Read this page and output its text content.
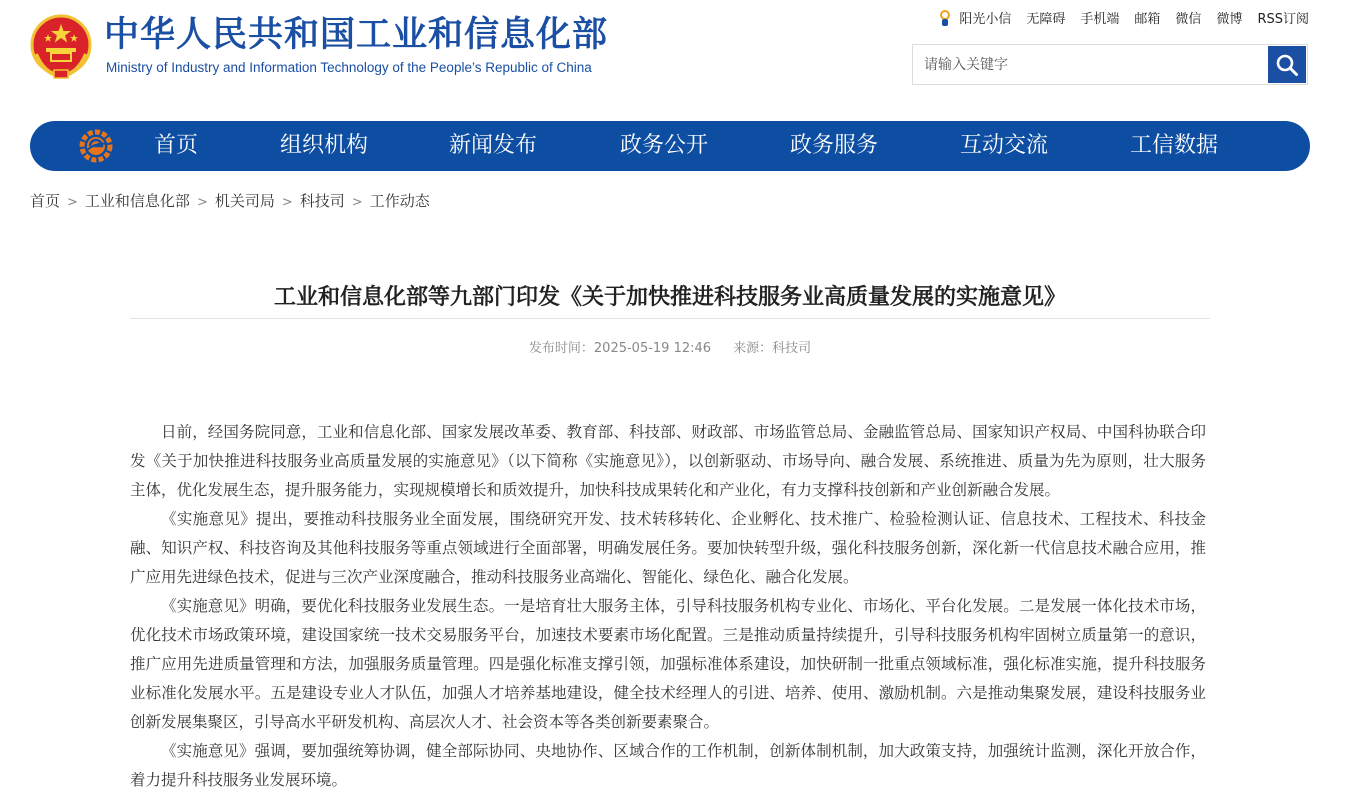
中华人民共和国工业和信息化部
Ministry of Industry and Information Technology of the People’s Republic of China
阳光小信 无障碍 手机端 邮箱 微信 微博 RSS订阅
请输入关键字
首页	组织机构	新闻发布	政务公开	政务服务	互动交流	工信数据
首页 > 工业和信息化部 > 机关司局 > 科技司 > 工作动态
工业和信息化部等九部门印发《关于加快推进科技服务业高质量发展的实施意见》
发布时间：2025-05-19 12:46 来源：科技司

日前，经国务院同意，工业和信息化部、国家发展改革委、教育部、科技部、财政部、市场监管总局、金融监管总局、国家知识产权局、中国科协联合印发《关于加快推进科技服务业高质量发展的实施意见》（以下简称《实施意见》），以创新驱动、市场导向、融合发展、系统推进、质量为先为原则，壮大服务主体，优化发展生态，提升服务能力，实现规模增长和质效提升，加快科技成果转化和产业化，有力支撑科技创新和产业创新融合发展。

《实施意见》提出，要推动科技服务业全面发展，围绕研究开发、技术转移转化、企业孵化、技术推广、检验检测认证、信息技术、工程技术、科技金融、知识产权、科技咨询及其他科技服务等重点领域进行全面部署，明确发展任务。要加快转型升级，强化科技服务创新，深化新一代信息技术融合应用，推广应用先进绿色技术，促进与三次产业深度融合，推动科技服务业高端化、智能化、绿色化、融合化发展。

《实施意见》明确，要优化科技服务业发展生态。一是培育壮大服务主体，引导科技服务机构专业化、市场化、平台化发展。二是发展一体化技术市场，优化技术市场政策环境，建设国家统一技术交易服务平台，加速技术要素市场化配置。三是推动质量持续提升，引导科技服务机构牢固树立质量第一的意识，推广应用先进质量管理和方法，加强服务质量管理。四是强化标准支撑引领，加强标准体系建设，加快研制一批重点领域标准，强化标准实施，提升科技服务业标准化发展水平。五是建设专业人才队伍，加强人才培养基地建设，健全技术经理人的引进、培养、使用、激励机制。六是推动集聚发展，建设科技服务业创新发展集聚区，引导高水平研发机构、高层次人才、社会资本等各类创新要素聚合。

《实施意见》强调，要加强统筹协调，健全部际协同、央地协作、区域合作的工作机制，创新体制机制，加大政策支持，加强统计监测，深化开放合作，着力提升科技服务业发展环境。
